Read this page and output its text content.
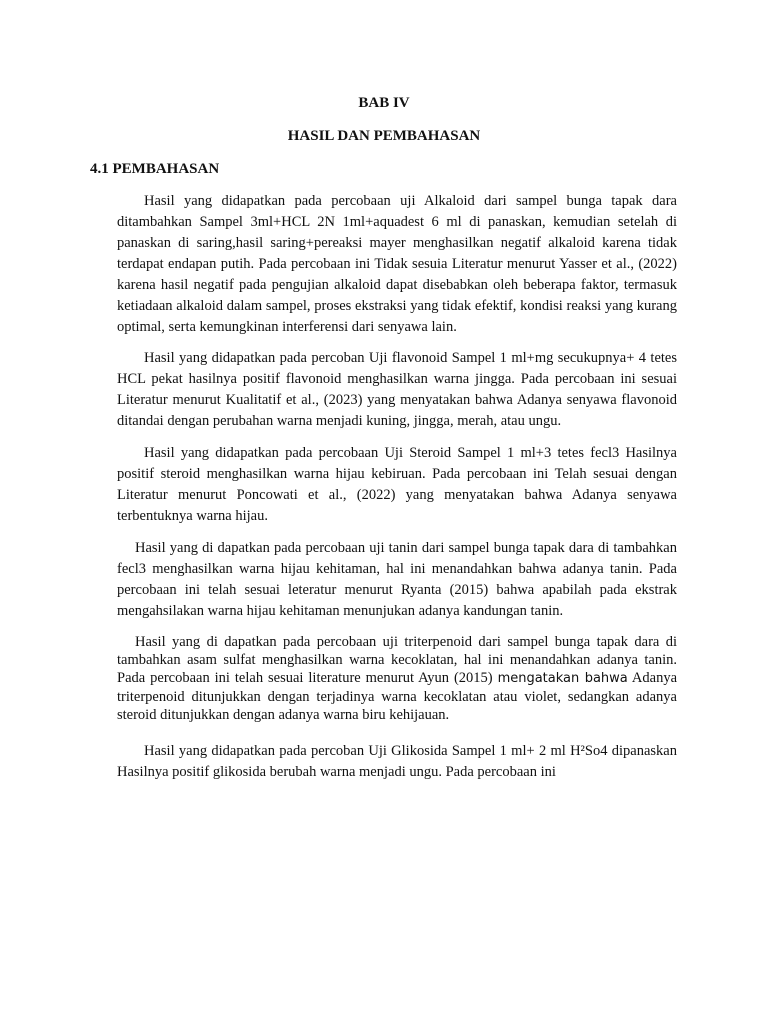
BAB IV
HASIL DAN PEMBAHASAN
4.1 PEMBAHASAN

Hasil yang didapatkan pada percobaan uji Alkaloid dari sampel bunga tapak dara ditambahkan Sampel 3ml+HCL 2N 1ml+aquadest 6 ml di panaskan, kemudian setelah di panaskan di saring,hasil saring+pereaksi mayer menghasilkan negatif alkaloid karena tidak terdapat endapan putih. Pada percobaan ini Tidak sesuia Literatur menurut Yasser et al., (2022) karena hasil negatif pada pengujian alkaloid dapat disebabkan oleh beberapa faktor, termasuk ketiadaan alkaloid dalam sampel, proses ekstraksi yang tidak efektif, kondisi reaksi yang kurang optimal, serta kemungkinan interferensi dari senyawa lain.

Hasil yang didapatkan pada percoban Uji flavonoid Sampel 1 ml+mg secukupnya+ 4 tetes HCL pekat hasilnya positif flavonoid menghasilkan warna jingga. Pada percobaan ini sesuai Literatur menurut Kualitatif et al., (2023) yang menyatakan bahwa Adanya senyawa flavonoid ditandai dengan perubahan warna menjadi kuning, jingga, merah, atau ungu.

Hasil yang didapatkan pada percobaan Uji Steroid Sampel 1 ml+3 tetes fecl3 Hasilnya positif steroid menghasilkan warna hijau kebiruan. Pada percobaan ini Telah sesuai dengan Literatur menurut Poncowati et al., (2022) yang menyatakan bahwa Adanya senyawa terbentuknya warna hijau.

Hasil yang di dapatkan pada percobaan uji tanin dari sampel bunga tapak dara di tambahkan fecl3 menghasilkan warna hijau kehitaman, hal ini menandahkan bahwa adanya tanin. Pada percobaan ini telah sesuai leteratur menurut Ryanta (2015) bahwa apabilah pada ekstrak mengahsilakan warna hijau kehitaman menunjukan adanya kandungan tanin.

Hasil yang di dapatkan pada percobaan uji triterpenoid dari sampel bunga tapak dara di tambahkan asam sulfat menghasilkan warna kecoklatan, hal ini menandahkan adanya tanin. Pada percobaan ini telah sesuai literature menurut Ayun (2015) mengatakan bahwa Adanya triterpenoid ditunjukkan dengan terjadinya warna kecoklatan atau violet, sedangkan adanya steroid ditunjukkan dengan adanya warna biru kehijauan.

Hasil yang didapatkan pada percoban Uji Glikosida Sampel 1 ml+ 2 ml H²So4 dipanaskan Hasilnya positif glikosida berubah warna menjadi ungu. Pada percobaan ini
